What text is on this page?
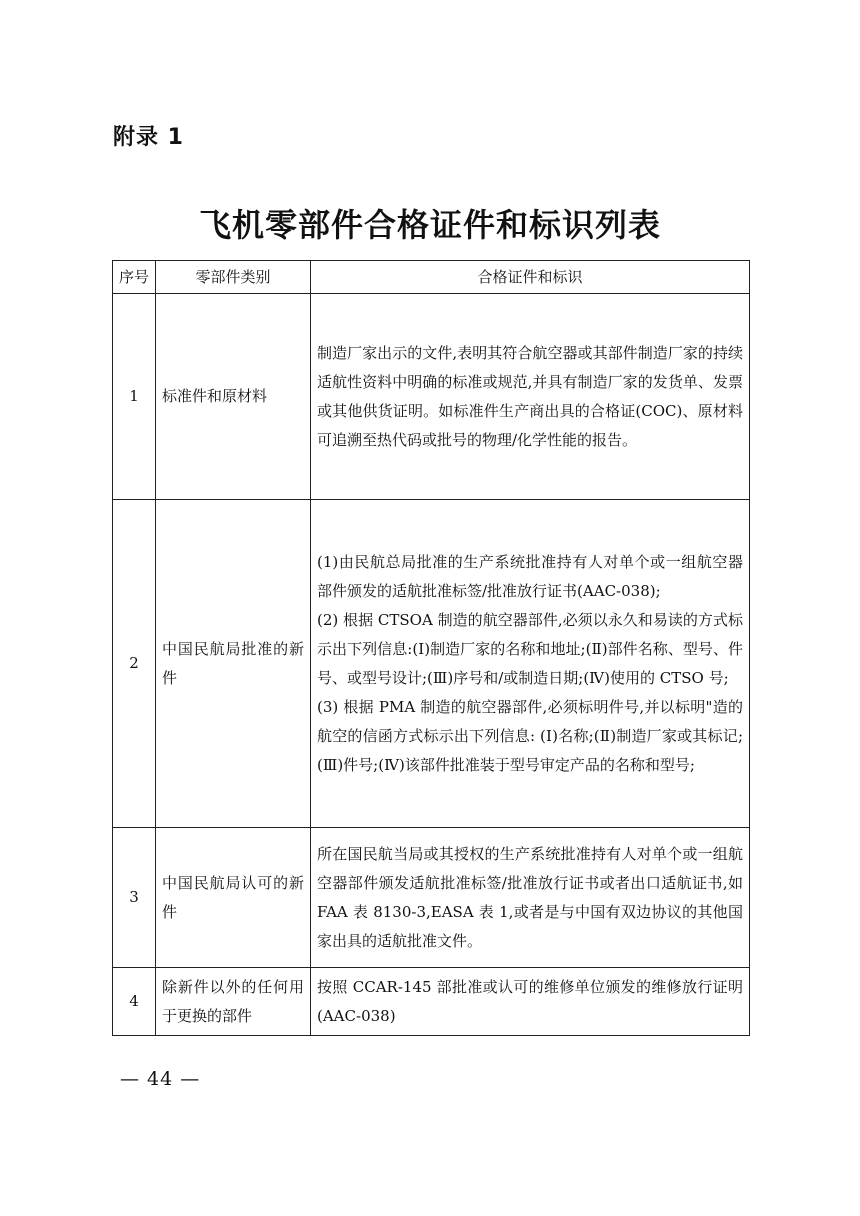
附录 1
飞机零部件合格证件和标识列表
序号	零部件类别	合格证件和标识
1	标准件和原材料	制造厂家出示的文件,表明其符合航空器或其部件制造厂家的持续适航性资料中明确的标准或规范,并具有制造厂家的发货单、发票或其他供货证明。如标准件生产商出具的合格证(COC)、原材料可追溯至热代码或批号的物理/化学性能的报告。

2	中国民航局批准的新件	(1)由民航总局批准的生产系统批准持有人对单个或一组航空器部件颁发的适航批准标签/批准放行证书(AAC-038);
(2) 根据 CTSOA 制造的航空器部件,必须以永久和易读的方式标示出下列信息:(Ⅰ)制造厂家的名称和地址;(Ⅱ)部件名称、型号、件号、或型号设计;(Ⅲ)序号和/或制造日期;(Ⅳ)使用的 CTSO 号;
(3) 根据 PMA 制造的航空器部件,必须标明件号,并以标明"造的航空的信函方式标示出下列信息: (Ⅰ)名称;(Ⅱ)制造厂家或其标记;(Ⅲ)件号;(Ⅳ)该部件批准装于型号审定产品的名称和型号;

3	中国民航局认可的新件	所在国民航当局或其授权的生产系统批准持有人对单个或一组航空器部件颁发适航批准标签/批准放行证书或者出口适航证书,如 FAA 表 8130-3,EASA 表 1,或者是与中国有双边协议的其他国家出具的适航批准文件。

4	除新件以外的任何用于更换的部件	按照 CCAR-145 部批准或认可的维修单位颁发的维修放行证明(AAC-038)
— 44 —
